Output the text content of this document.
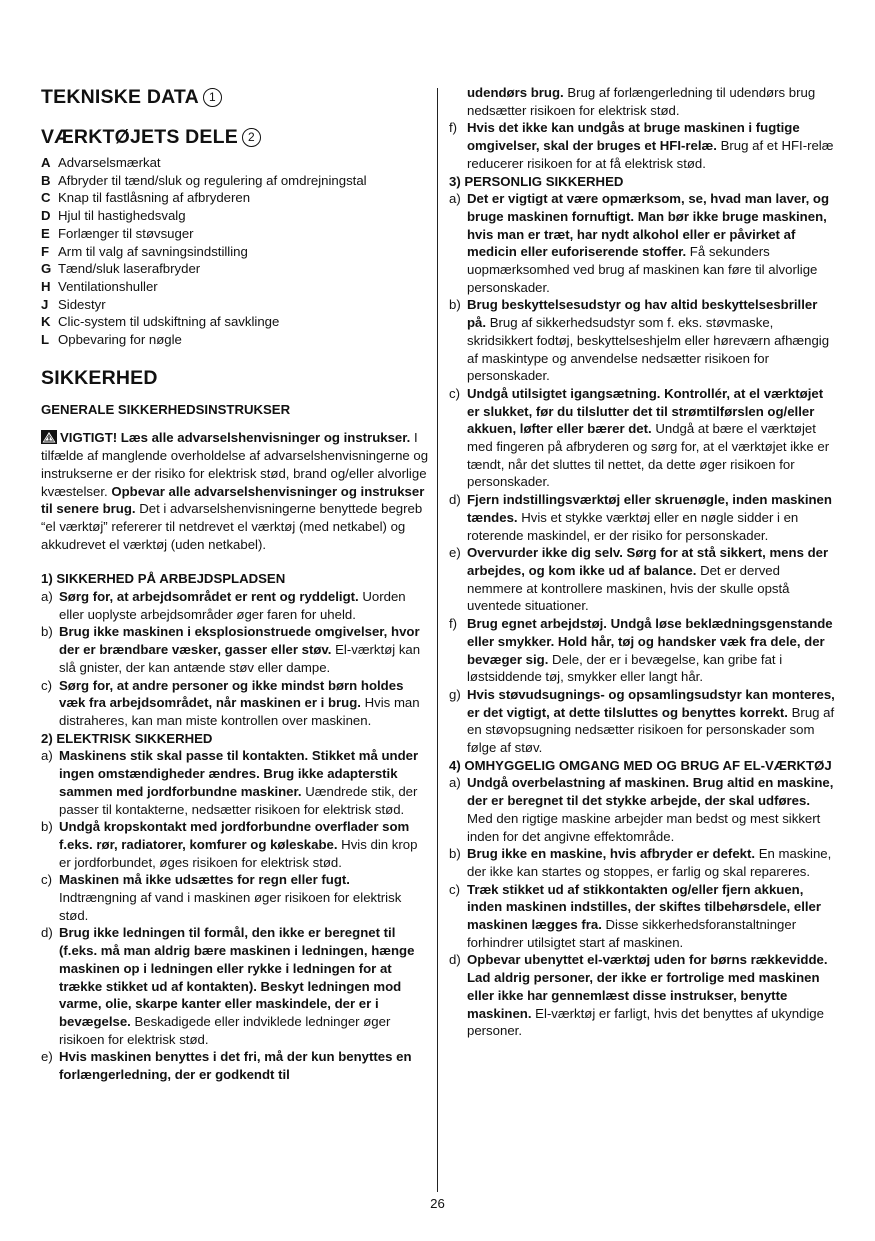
TEKNISKE DATA 1
VÆRKTØJETS DELE 2
A Advarselsmærkat
B Afbryder til tænd/sluk og regulering af omdrejningstal
C Knap til fastlåsning af afbryderen
D Hjul til hastighedsvalg
E Forlænger til støvsuger
F Arm til valg af savningsindstilling
G Tænd/sluk laserafbryder
H Ventilationshuller
J Sidestyr
K Clic-system til udskiftning af savklinge
L Opbevaring for nøgle
SIKKERHED
GENERALE SIKKERHEDSINSTRUKSER
VIGTIGT! Læs alle advarselshenvisninger og instrukser. I tilfælde af manglende overholdelse af advarselshenvisningerne og instrukserne er der risiko for elektrisk stød, brand og/eller alvorlige kvæstelser. Opbevar alle advarselshenvisninger og instrukser til senere brug. Det i advarselshenvisningerne benyttede begreb “el værktøj” refererer til netdrevet el værktøj (med netkabel) og akkudrevet el værktøj (uden netkabel).
1) SIKKERHED PÅ ARBEJDSPLADSEN
a) Sørg for, at arbejdsområdet er rent og ryddeligt. Uorden eller uoplyste arbejdsområder øger faren for uheld.
b) Brug ikke maskinen i eksplosionstruede omgivelser, hvor der er brændbare væsker, gasser eller støv. El-værktøj kan slå gnister, der kan antænde støv eller dampe.
c) Sørg for, at andre personer og ikke mindst børn holdes væk fra arbejdsområdet, når maskinen er i brug. Hvis man distraheres, kan man miste kontrollen over maskinen.
2) ELEKTRISK SIKKERHED
a) Maskinens stik skal passe til kontakten. Stikket må under ingen omstændigheder ændres. Brug ikke adapterstik sammen med jordforbundne maskiner. Uændrede stik, der passer til kontakterne, nedsætter risikoen for elektrisk stød.
b) Undgå kropskontakt med jordforbundne overflader som f.eks. rør, radiatorer, komfurer og køleskabe. Hvis din krop er jordforbundet, øges risikoen for elektrisk stød.
c) Maskinen må ikke udsættes for regn eller fugt. Indtrængning af vand i maskinen øger risikoen for elektrisk stød.
d) Brug ikke ledningen til formål, den ikke er beregnet til (f.eks. må man aldrig bære maskinen i ledningen, hænge maskinen op i ledningen eller rykke i ledningen for at trække stikket ud af kontakten). Beskyt ledningen mod varme, olie, skarpe kanter eller maskindele, der er i bevægelse. Beskadigede eller indviklede ledninger øger risikoen for elektrisk stød.
e) Hvis maskinen benyttes i det fri, må der kun benyttes en forlængerledning, der er godkendt til
udendørs brug. Brug af forlængerledning til udendørs brug nedsætter risikoen for elektrisk stød.
f) Hvis det ikke kan undgås at bruge maskinen i fugtige omgivelser, skal der bruges et HFI-relæ. Brug af et HFI-relæ reducerer risikoen for at få elektrisk stød.
3) PERSONLIG SIKKERHED
a) Det er vigtigt at være opmærksom, se, hvad man laver, og bruge maskinen fornuftigt. Man bør ikke bruge maskinen, hvis man er træt, har nydt alkohol eller er påvirket af medicin eller euforiserende stoffer. Få sekunders uopmærksomhed ved brug af maskinen kan føre til alvorlige personskader.
b) Brug beskyttelsesudstyr og hav altid beskyttelsesbriller på. Brug af sikkerhedsudstyr som f. eks. støvmaske, skridsikkert fodtøj, beskyttelseshjelm eller høreværn afhængig af maskintype og anvendelse nedsætter risikoen for personskader.
c) Undgå utilsigtet igangsætning. Kontrollér, at el værktøjet er slukket, før du tilslutter det til strømtilførslen og/eller akkuen, løfter eller bærer det. Undgå at bære el værktøjet med fingeren på afbryderen og sørg for, at el værktøjet ikke er tændt, når det sluttes til nettet, da dette øger risikoen for personskader.
d) Fjern indstillingsværktøj eller skruenøgle, inden maskinen tændes. Hvis et stykke værktøj eller en nøgle sidder i en roterende maskindel, er der risiko for personskader.
e) Overvurder ikke dig selv. Sørg for at stå sikkert, mens der arbejdes, og kom ikke ud af balance. Det er derved nemmere at kontrollere maskinen, hvis der skulle opstå uventede situationer.
f) Brug egnet arbejdstøj. Undgå løse beklædningsgenstande eller smykker. Hold hår, tøj og handsker væk fra dele, der bevæger sig. Dele, der er i bevægelse, kan gribe fat i løstsiddende tøj, smykker eller langt hår.
g) Hvis støvudsugnings- og opsamlingsudstyr kan monteres, er det vigtigt, at dette tilsluttes og benyttes korrekt. Brug af en støvopsugning nedsætter risikoen for personskader som følge af støv.
4) OMHYGGELIG OMGANG MED OG BRUG AF EL-VÆRKTØJ
a) Undgå overbelastning af maskinen. Brug altid en maskine, der er beregnet til det stykke arbejde, der skal udføres. Med den rigtige maskine arbejder man bedst og mest sikkert inden for det angivne effektområde.
b) Brug ikke en maskine, hvis afbryder er defekt. En maskine, der ikke kan startes og stoppes, er farlig og skal repareres.
c) Træk stikket ud af stikkontakten og/eller fjern akkuen, inden maskinen indstilles, der skiftes tilbehørsdele, eller maskinen lægges fra. Disse sikkerhedsforanstaltninger forhindrer utilsigtet start af maskinen.
d) Opbevar ubenyttet el-værktøj uden for børns rækkevidde. Lad aldrig personer, der ikke er fortrolige med maskinen eller ikke har gennemlæst disse instrukser, benytte maskinen. El-værktøj er farligt, hvis det benyttes af ukyndige personer.
26
